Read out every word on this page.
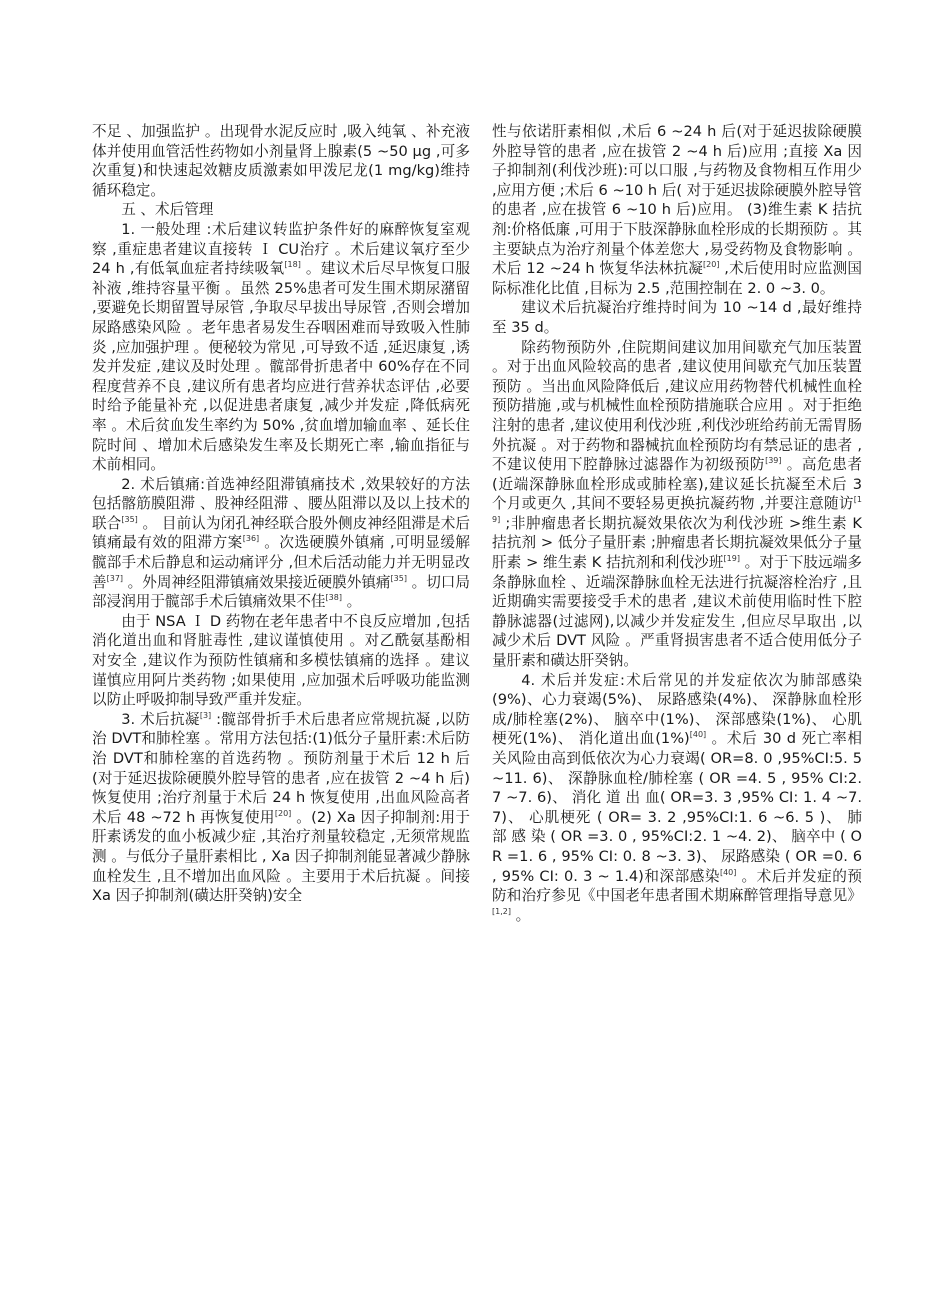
不足 、加强监护 。出现骨水泥反应时 ,吸入纯氧 、补充液体并使用血管活性药物如小剂量肾上腺素(5 ~50 μg ,可多次重复)和快速起效糖皮质激素如甲泼尼龙(1 mg/kg)维持循环稳定。

五 、术后管理

1. 一般处理 :术后建议转监护条件好的麻醉恢复室观察 ,重症患者建议直接转 Ｉ CU治疗 。术后建议氧疗至少 24 h ,有低氧血症者持续吸氧[18] 。建议术后尽早恢复口服补液 ,维持容量平衡 。虽然 25%患者可发生围术期尿潴留 ,要避免长期留置导尿管 ,争取尽早拔出导尿管 ,否则会增加尿路感染风险 。老年患者易发生吞咽困难而导致吸入性肺炎 ,应加强护理 。便秘较为常见 ,可导致不适 ,延迟康复 ,诱发并发症 ,建议及时处理 。髋部骨折患者中 60%存在不同程度营养不良 ,建议所有患者均应进行营养状态评估 ,必要时给予能量补充 ,以促进患者康复 ,减少并发症 ,降低病死率 。术后贫血发生率约为 50% ,贫血增加输血率 、延长住院时间 、增加术后感染发生率及长期死亡率 ,输血指征与术前相同。

2. 术后镇痛:首选神经阻滞镇痛技术 ,效果较好的方法包括髂筋膜阻滞 、股神经阻滞 、腰丛阻滞以及以上技术的联合[35] 。 目前认为闭孔神经联合股外侧皮神经阻滞是术后镇痛最有效的阻滞方案[36] 。次选硬膜外镇痛 ,可明显缓解髋部手术后静息和运动痛评分 ,但术后活动能力并无明显改善[37] 。外周神经阻滞镇痛效果接近硬膜外镇痛[35] 。切口局部浸润用于髋部手术后镇痛效果不佳[38] 。

由于 NSA Ｉ D 药物在老年患者中不良反应增加 ,包括消化道出血和肾脏毒性 ,建议谨慎使用 。对乙酰氨基酚相对安全 ,建议作为预防性镇痛和多模怯镇痛的选择 。建议谨慎应用阿片类药物 ;如果使用 ,应加强术后呼吸功能监测以防止呼吸抑制导致严重并发症。

3. 术后抗凝[3] :髋部骨折手术后患者应常规抗凝 ,以防治 DVT和肺栓塞 。常用方法包括:(1)低分子量肝素:术后防治 DVT和肺栓塞的首选药物 。预防剂量于术后 12 h 后(对于延迟拔除硬膜外腔导管的患者 ,应在拔管 2 ~4 h 后)恢复使用 ;治疗剂量于术后 24 h 恢复使用 ,出血风险高者术后 48 ~72 h 再恢复使用[20] 。(2) Xa 因子抑制剂:用于肝素诱发的血小板减少症 ,其治疗剂量较稳定 ,无须常规监测 。与低分子量肝素相比 , Xa 因子抑制剂能显著减少静脉血栓发生 ,且不增加出血风险 。主要用于术后抗凝 。间接 Xa 因子抑制剂(磺达肝癸钠)安全

性与依诺肝素相似 ,术后 6 ~24 h 后(对于延迟拔除硬膜外腔导管的患者 ,应在拔管 2 ~4 h 后)应用 ;直接 Xa 因子抑制剂(利伐沙班):可以口服 ,与药物及食物相互作用少 ,应用方便 ;术后 6 ~10 h 后( 对于延迟拔除硬膜外腔导管的患者 ,应在拔管 6 ~10 h 后)应用。 (3)维生素 K 拮抗剂:价格低廉 ,可用于下肢深静脉血栓形成的长期预防 。其主要缺点为治疗剂量个体差您大 ,易受药物及食物影响 。术后 12 ~24 h 恢复华法林抗凝[20] ,术后使用时应监测国际标准化比值 ,目标为 2.5 ,范围控制在 2. 0 ~3. 0。

建议术后抗凝治疗维持时间为 10 ~14 d ,最好维持至 35 d。

除药物预防外 ,住院期间建议加用间歇充气加压装置 。对于出血风险较高的患者 ,建议使用间歇充气加压装置预防 。当出血风险降低后 ,建议应用药物替代机械性血栓预防措施 ,或与机械性血栓预防措施联合应用 。对于拒绝注射的患者 ,建议使用利伐沙班 ,利伐沙班给药前无需胃肠外抗凝 。对于药物和器械抗血栓预防均有禁忌证的患者 ,不建议使用下腔静脉过滤器作为初级预防[39] 。高危患者(近端深静脉血栓形成或肺栓塞),建议延长抗凝至术后 3 个月或更久 ,其间不要轻易更换抗凝药物 ,并要注意随访[19] ;非肿瘤患者长期抗凝效果依次为利伐沙班 >维生素 K 拮抗剂 > 低分子量肝素 ;肿瘤患者长期抗凝效果低分子量肝素 > 维生素 K 拮抗剂和利伐沙班[19] 。对于下肢远端多条静脉血栓 、近端深静脉血栓无法进行抗凝溶栓治疗 ,且近期确实需要接受手术的患者 ,建议术前使用临时性下腔静脉滤器(过滤网),以减少并发症发生 ,但应尽早取出 ,以减少术后 DVT 风险 。严重肾损害患者不适合使用低分子量肝素和磺达肝癸钠。

4. 术后并发症:术后常见的并发症依次为肺部感染 (9%)、心力衰竭(5%)、 尿路感染(4%)、 深静脉血栓形成/肺栓塞(2%)、 脑卒中(1%)、 深部感染(1%)、 心肌梗死(1%)、 消化道出血(1%)[40] 。术后 30 d 死亡率相关风险由高到低依次为心力衰竭( OR=8. 0 ,95%CI:5. 5 ~11. 6)、 深静脉血栓/肺栓塞 ( OR =4. 5 , 95% CI:2. 7 ~7. 6)、 消化 道 出 血( OR=3. 3 ,95% CI: 1. 4 ~7. 7)、 心肌梗死 ( OR= 3. 2 ,95%CI:1. 6 ~6. 5 )、 肺 部 感 染 ( OR =3. 0 , 95%CI:2. 1 ~4. 2)、 脑卒中 ( OR =1. 6 , 95% CI: 0. 8 ~3. 3)、 尿路感染 ( OR =0. 6 , 95% CI: 0. 3 ~ 1.4)和深部感染[40] 。术后并发症的预防和治疗参见《中国老年患者围术期麻醉管理指导意见》[1,2] 。
